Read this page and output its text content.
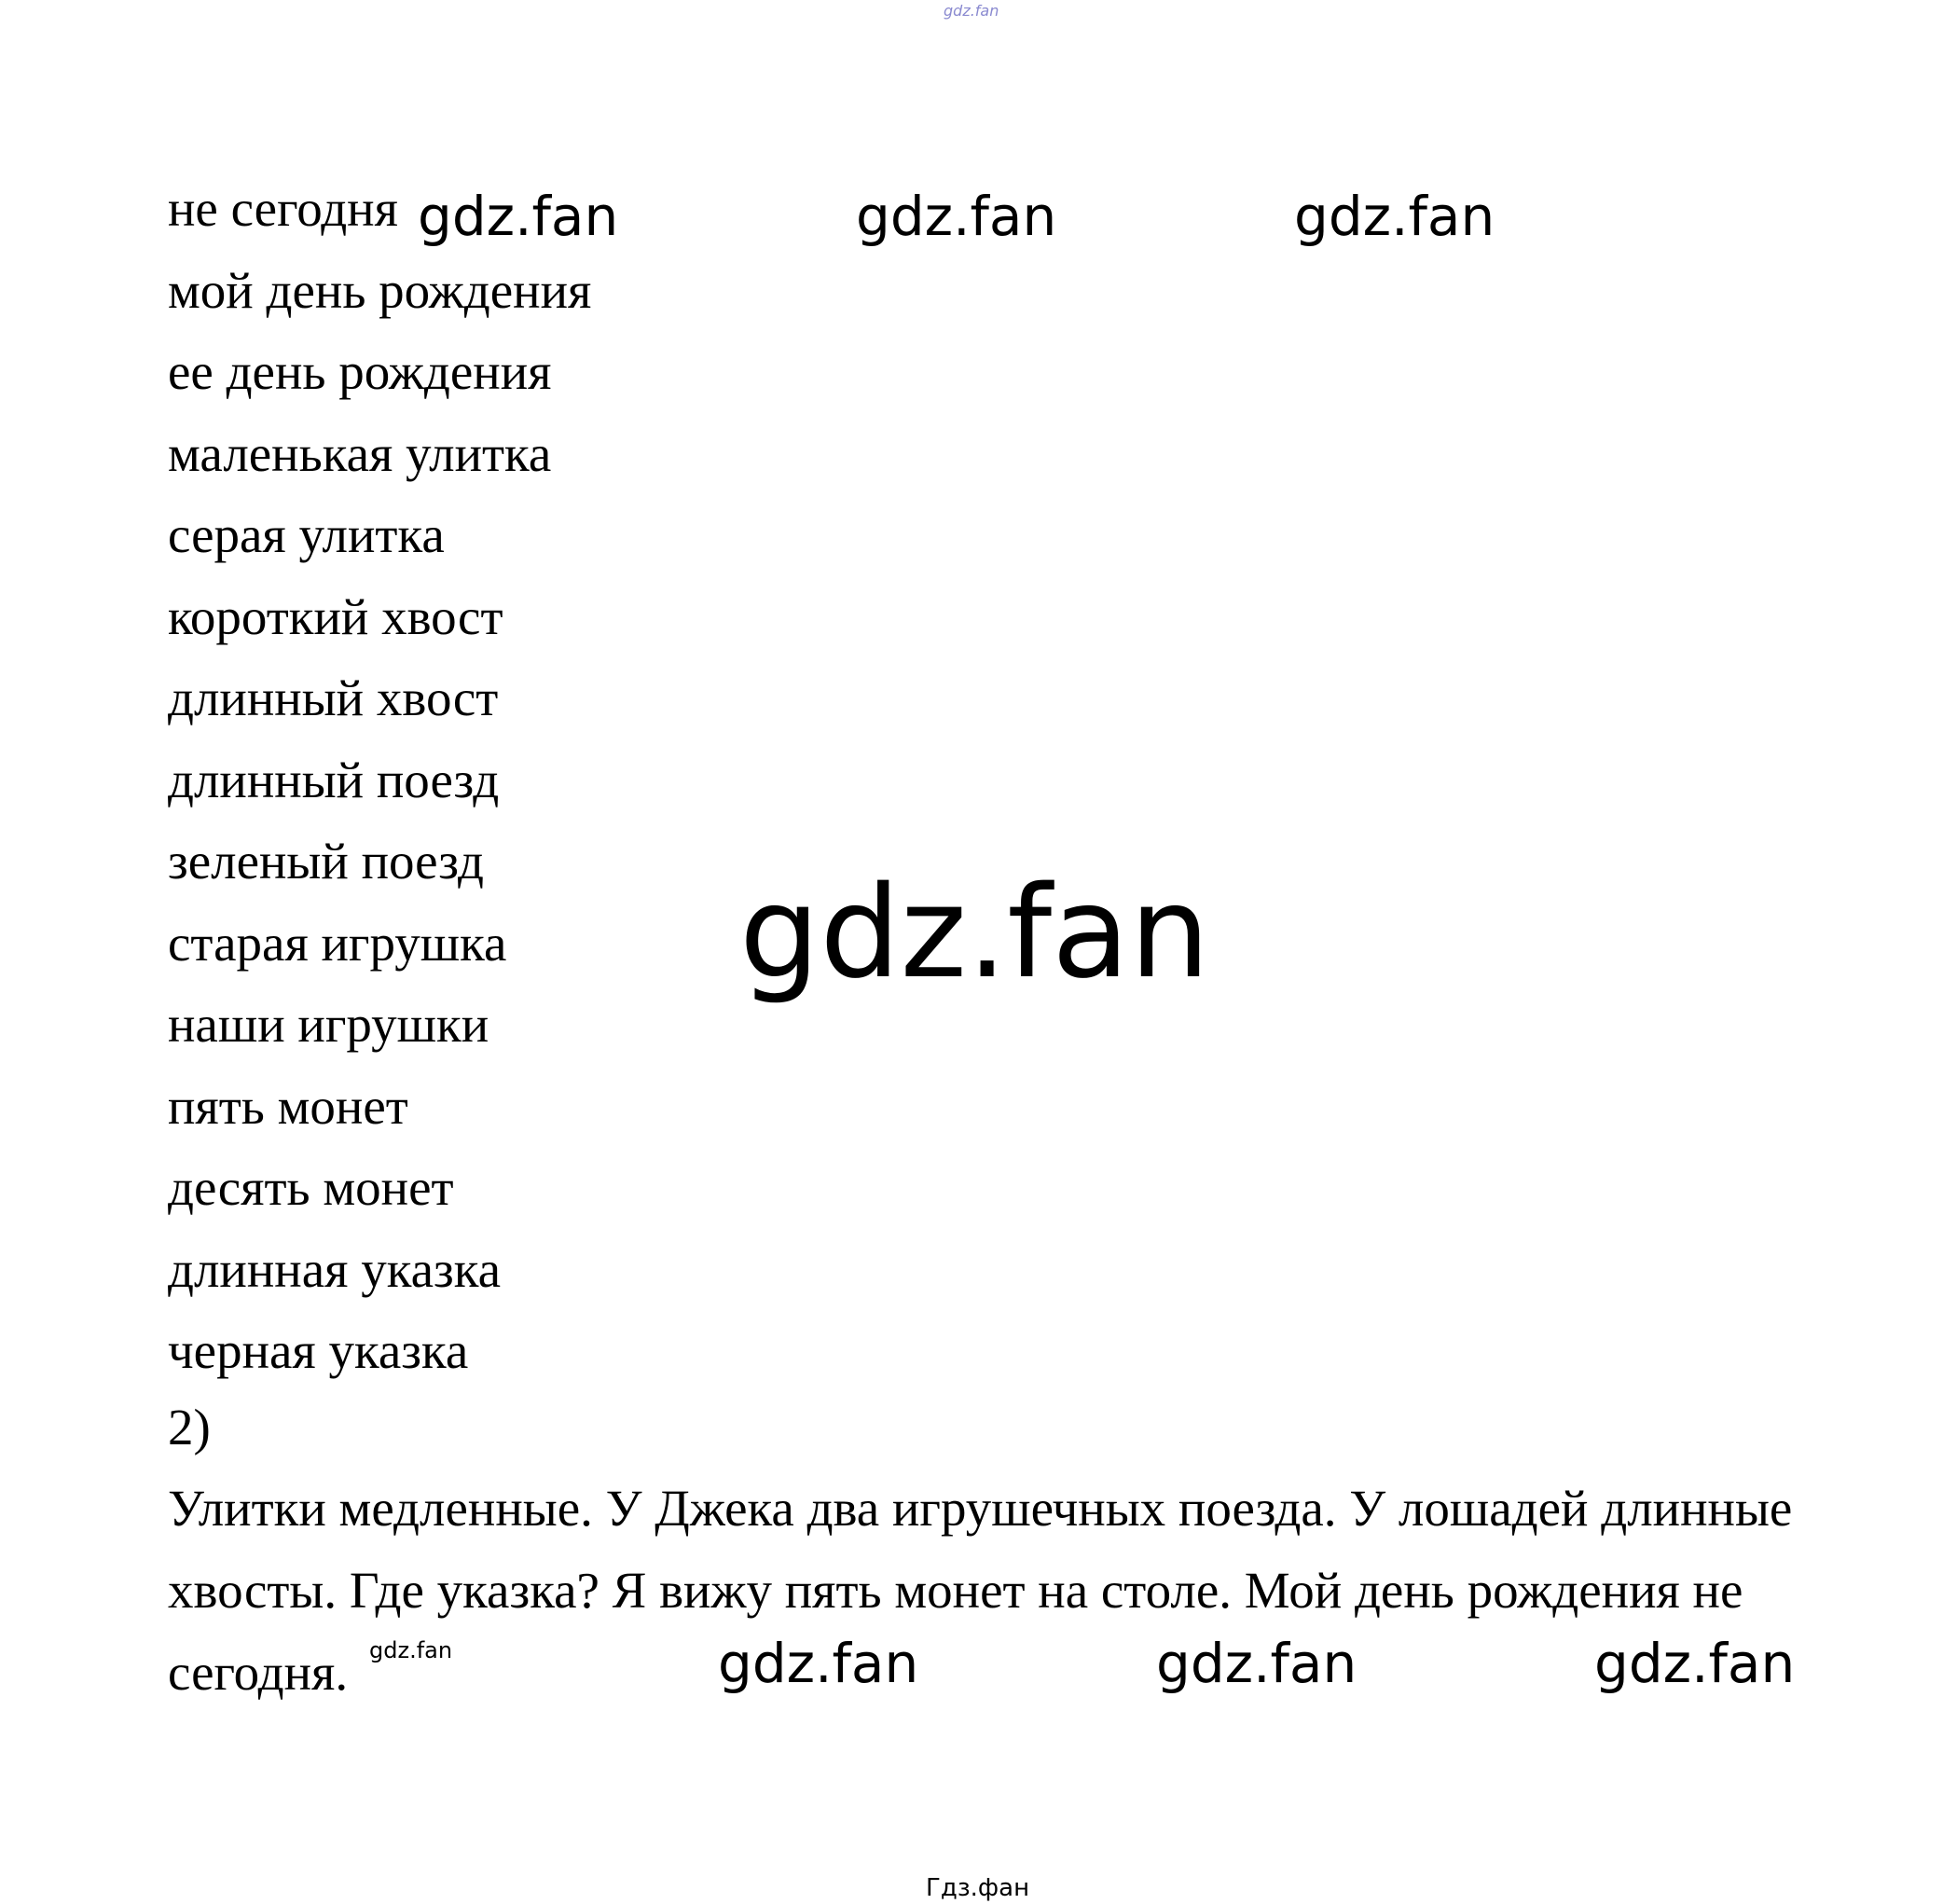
gdz.fan
не сегодня
мой день рождения
ее день рождения
маленькая улитка
серая улитка
короткий хвост
длинный хвост
длинный поезд
зеленый поезд
старая игрушка
наши игрушки
пять монет
десять монет
длинная указка
черная указка
2)

Улитки медленные. У Джека два игрушечных поезда. У лошадей длинные хвосты. Где указка? Я вижу пять монет на столе. Мой день рождения не сегодня.

gdz.fan	gdz.fan	gdz.fan
gdz.fan
gdz.fan	gdz.fan	gdz.fan	gdz.fan
Гдз.фан
